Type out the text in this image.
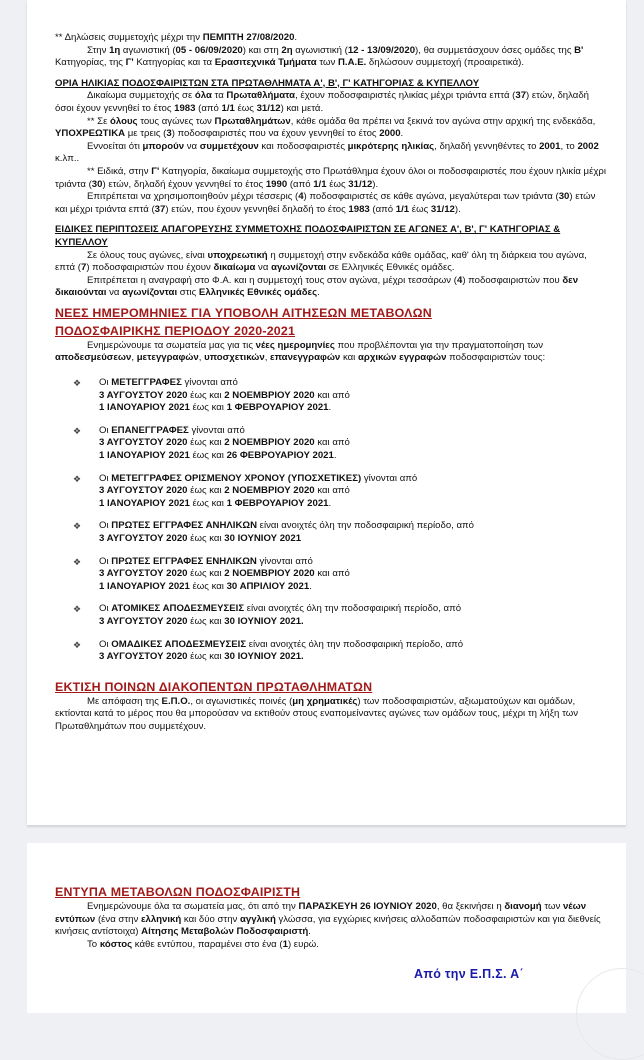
** Δηλώσεις συμμετοχής μέχρι την ΠΕΜΠΤΗ 27/08/2020.

Στην 1η αγωνιστική (05 - 06/09/2020) και στη 2η αγωνιστική (12 - 13/09/2020), θα συμμετάσχουν όσες ομάδες της Β' Κατηγορίας, της Γ' Κατηγορίας και τα Ερασιτεχνικά Τμήματα των Π.Α.Ε. δηλώσουν συμμετοχή (προαιρετικά).

ΟΡΙΑ ΗΛΙΚΙΑΣ ΠΟΔΟΣΦΑΙΡΙΣΤΩΝ ΣΤΑ ΠΡΩΤΑΘΛΗΜΑΤΑ Α', Β', Γ' ΚΑΤΗΓΟΡΙΑΣ & ΚΥΠΕΛΛΟΥ

Δικαίωμα συμμετοχής σε όλα τα Πρωταθλήματα, έχουν ποδοσφαιριστές ηλικίας μέχρι τριάντα επτά (37) ετών, δηλαδή όσοι έχουν γεννηθεί το έτος 1983 (από 1/1 έως 31/12) και μετά.

** Σε όλους τους αγώνες των Πρωταθλημάτων, κάθε ομάδα θα πρέπει να ξεκινά τον αγώνα στην αρχική της ενδεκάδα, ΥΠΟΧΡΕΩΤΙΚΑ με τρεις (3) ποδοσφαιριστές που να έχουν γεννηθεί το έτος 2000.

Εννοείται ότι μπορούν να συμμετέχουν και ποδοσφαιριστές μικρότερης ηλικίας, δηλαδή γεννηθέντες το 2001, το 2002 κ.λπ..

** Ειδικά, στην Γ' Κατηγορία, δικαίωμα συμμετοχής στο Πρωτάθλημα έχουν όλοι οι ποδοσφαιριστές που έχουν ηλικία μέχρι τριάντα (30) ετών, δηλαδή έχουν γεννηθεί το έτος 1990 (από 1/1 έως 31/12).

Επιτρέπεται να χρησιμοποιηθούν μέχρι τέσσερις (4) ποδοσφαιριστές σε κάθε αγώνα, μεγαλύτεραι των τριάντα (30) ετών και μέχρι τριάντα επτά (37) ετών, που έχουν γεννηθεί δηλαδή το έτος 1983 (από 1/1 έως 31/12).

ΕΙΔΙΚΕΣ ΠΕΡΙΠΤΩΣΕΙΣ ΑΠΑΓΟΡΕΥΣΗΣ ΣΥΜΜΕΤΟΧΗΣ ΠΟΔΟΣΦΑΙΡΙΣΤΩΝ ΣΕ ΑΓΩΝΕΣ Α', Β', Γ' ΚΑΤΗΓΟΡΙΑΣ & ΚΥΠΕΛΛΟΥ

Σε όλους τους αγώνες, είναι υποχρεωτική η συμμετοχή στην ενδεκάδα κάθε ομάδας, καθ' όλη τη διάρκεια του αγώνα, επτά (7) ποδοσφαιριστών που έχουν δικαίωμα να αγωνίζονται σε Ελληνικές Εθνικές ομάδες.

Επιτρέπεται η αναγραφή στο Φ.Α. και η συμμετοχή τους στον αγώνα, μέχρι τεσσάρων (4) ποδοσφαιριστών που δεν δικαιούνται να αγωνίζονται στις Ελληνικές Εθνικές ομάδες.

ΝΕΕΣ ΗΜΕΡΟΜΗΝΙΕΣ ΓΙΑ ΥΠΟΒΟΛΗ ΑΙΤΗΣΕΩΝ ΜΕΤΑΒΟΛΩΝ

ΠΟΔΟΣΦΑΙΡΙΚΗΣ ΠΕΡΙΟΔΟΥ 2020-2021

Ενημερώνουμε τα σωματεία μας για τις νέες ημερομηνίες που προβλέπονται για την πραγματοποίηση των αποδεσμεύσεων, μετεγγραφών, υποσχετικών, επανεγγραφών και αρχικών εγγραφών ποδοσφαιριστών τους:

❖ Οι ΜΕΤΕΓΓΡΑΦΕΣ γίνονται από
3 ΑΥΓΟΥΣΤΟΥ 2020 έως και 2 ΝΟΕΜΒΡΙΟΥ 2020 και από
1 ΙΑΝΟΥΑΡΙΟΥ 2021 έως και 1 ΦΕΒΡΟΥΑΡΙΟΥ 2021.
❖ Οι ΕΠΑΝΕΓΓΡΑΦΕΣ γίνονται από
3 ΑΥΓΟΥΣΤΟΥ 2020 έως και 2 ΝΟΕΜΒΡΙΟΥ 2020 και από
1 ΙΑΝΟΥΑΡΙΟΥ 2021 έως και 26 ΦΕΒΡΟΥΑΡΙΟΥ 2021.
❖ Οι ΜΕΤΕΓΓΡΑΦΕΣ ΟΡΙΣΜΕΝΟΥ ΧΡΟΝΟΥ (ΥΠΟΣΧΕΤΙΚΕΣ) γίνονται από
3 ΑΥΓΟΥΣΤΟΥ 2020 έως και 2 ΝΟΕΜΒΡΙΟΥ 2020 και από
1 ΙΑΝΟΥΑΡΙΟΥ 2021 έως και 1 ΦΕΒΡΟΥΑΡΙΟΥ 2021.
❖ Οι ΠΡΩΤΕΣ ΕΓΓΡΑΦΕΣ ΑΝΗΛΙΚΩΝ είναι ανοιχτές όλη την ποδοσφαιρική περίοδο, από
3 ΑΥΓΟΥΣΤΟΥ 2020 έως και 30 ΙΟΥΝΙΟΥ 2021
❖ Οι ΠΡΩΤΕΣ ΕΓΓΡΑΦΕΣ ΕΝΗΛΙΚΩΝ γίνονται από
3 ΑΥΓΟΥΣΤΟΥ 2020 έως και 2 ΝΟΕΜΒΡΙΟΥ 2020 και από
1 ΙΑΝΟΥΑΡΙΟΥ 2021 έως και 30 ΑΠΡΙΛΙΟΥ 2021.
❖ Οι ΑΤΟΜΙΚΕΣ ΑΠΟΔΕΣΜΕΥΣΕΙΣ είναι ανοιχτές όλη την ποδοσφαιρική περίοδο, από
3 ΑΥΓΟΥΣΤΟΥ 2020 έως και 30 ΙΟΥΝΙΟΥ 2021.
❖ Οι ΟΜΑΔΙΚΕΣ ΑΠΟΔΕΣΜΕΥΣΕΙΣ είναι ανοιχτές όλη την ποδοσφαιρική περίοδο, από
3 ΑΥΓΟΥΣΤΟΥ 2020 έως και 30 ΙΟΥΝΙΟΥ 2021.

ΕΚΤΙΣΗ ΠΟΙΝΩΝ ΔΙΑΚΟΠΕΝΤΩΝ ΠΡΩΤΑΘΛΗΜΑΤΩΝ

Με απόφαση της Ε.Π.Ο., οι αγωνιστικές ποινές (μη χρηματικές) των ποδοσφαιριστών, αξιωματούχων και ομάδων, εκτίονται κατά το μέρος που θα μπορούσαν να εκτιθούν στους εναπομείναντες αγώνες των ομάδων τους, μέχρι τη λήξη των Πρωταθλημάτων που συμμετέχουν.

ΕΝΤΥΠΑ ΜΕΤΑΒΟΛΩΝ ΠΟΔΟΣΦΑΙΡΙΣΤΗ

Ενημερώνουμε όλα τα σωματεία μας, ότι από την ΠΑΡΑΣΚΕΥΗ 26 ΙΟΥΝΙΟΥ 2020, θα ξεκινήσει η διανομή των νέων εντύπων (ένα στην ελληνική και δύο στην αγγλική γλώσσα, για εγχώριες κινήσεις αλλοδαπών ποδοσφαιριστών και για διεθνείς κινήσεις αντίστοιχα) Αίτησης Μεταβολών Ποδοσφαιριστή.

Το κόστος κάθε εντύπου, παραμένει στο ένα (1) ευρώ.

Από την Ε.Π.Σ. Α΄
